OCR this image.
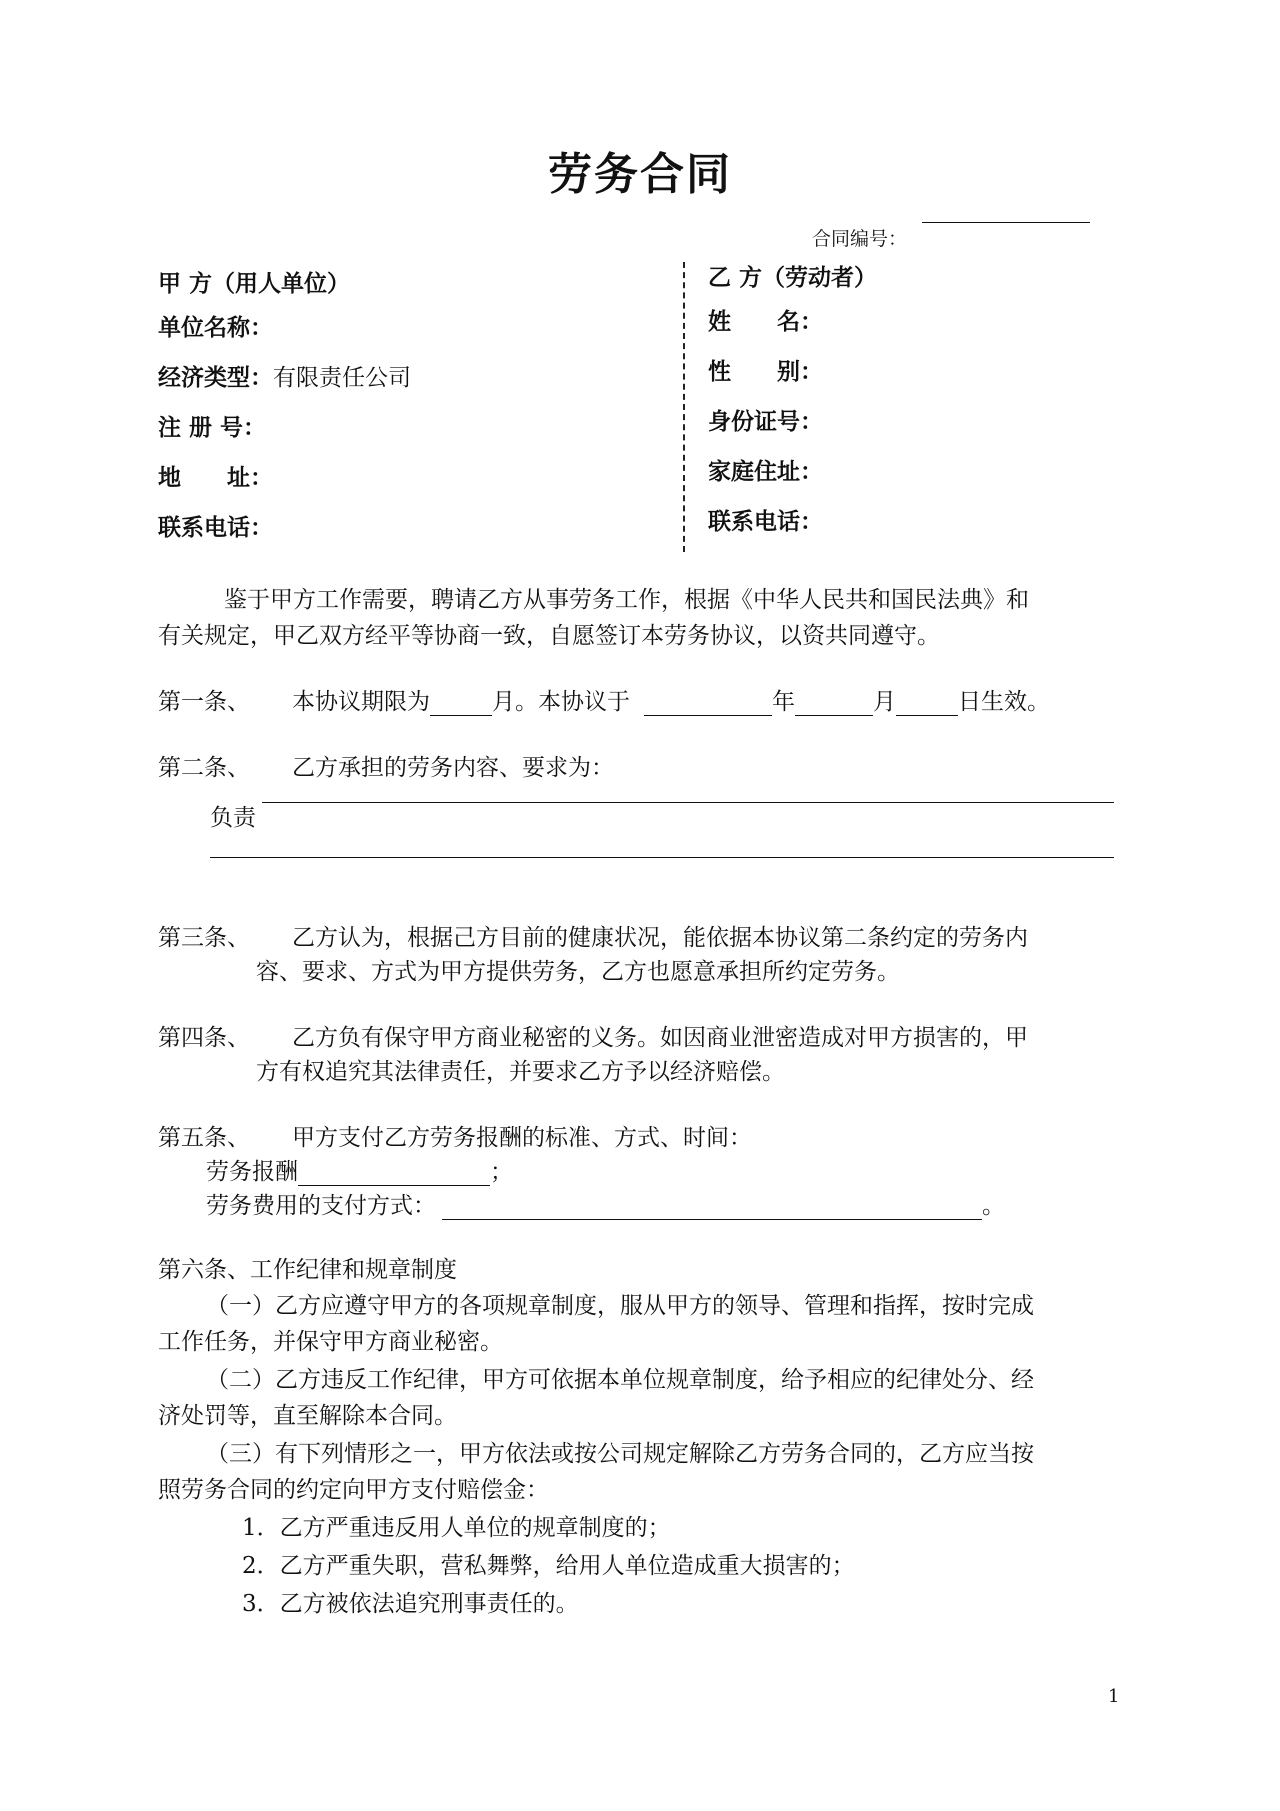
劳务合同
合同编号：
甲 方（用人单位）
单位名称：
经济类型：有限责任公司
注 册 号：
地　　址：
联系电话：
乙 方（劳动者）
姓　　名：
性　　别：
身份证号：
家庭住址：
联系电话：
鉴于甲方工作需要，聘请乙方从事劳务工作，根据《中华人民共和国民法典》和
有关规定，甲乙双方经平等协商一致，自愿签订本劳务协议，以资共同遵守。
第一条、 本协议期限为	月。本协议于	年	月	日生效。
第二条、 乙方承担的劳务内容、要求为：
负责
第三条、 乙方认为，根据己方目前的健康状况，能依据本协议第二条约定的劳务内
容、要求、方式为甲方提供劳务，乙方也愿意承担所约定劳务。
第四条、 乙方负有保守甲方商业秘密的义务。如因商业泄密造成对甲方损害的，甲
方有权追究其法律责任，并要求乙方予以经济赔偿。
第五条、 甲方支付乙方劳务报酬的标准、方式、时间：
劳务报酬	；
劳务费用的支付方式：	。
第六条、工作纪律和规章制度
（一）乙方应遵守甲方的各项规章制度，服从甲方的领导、管理和指挥，按时完成
工作任务，并保守甲方商业秘密。
（二）乙方违反工作纪律，甲方可依据本单位规章制度，给予相应的纪律处分、经
济处罚等，直至解除本合同。
（三）有下列情形之一，甲方依法或按公司规定解除乙方劳务合同的，乙方应当按
照劳务合同的约定向甲方支付赔偿金：
1．乙方严重违反用人单位的规章制度的；
2．乙方严重失职，营私舞弊，给用人单位造成重大损害的；
3．乙方被依法追究刑事责任的。
1
